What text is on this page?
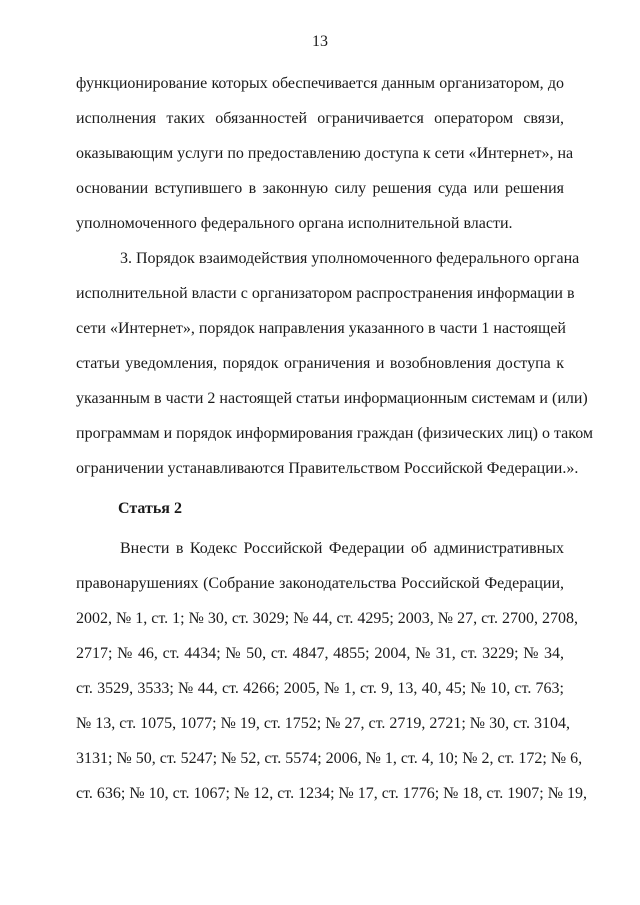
13
функционирование которых обеспечивается данным организатором, до
исполнения таких обязанностей ограничивается оператором связи,
оказывающим услуги по предоставлению доступа к сети «Интернет», на
основании вступившего в законную силу решения суда или решения
уполномоченного федерального органа исполнительной власти.
3. Порядок взаимодействия уполномоченного федерального органа
исполнительной власти с организатором распространения информации в
сети «Интернет», порядок направления указанного в части 1 настоящей
статьи уведомления, порядок ограничения и возобновления доступа к
указанным в части 2 настоящей статьи информационным системам и (или)
программам и порядок информирования граждан (физических лиц) о таком
ограничении устанавливаются Правительством Российской Федерации.».
Статья 2
Внести в Кодекс Российской Федерации об административных
правонарушениях (Собрание законодательства Российской Федерации,
2002, № 1, ст. 1; № 30, ст. 3029; № 44, ст. 4295; 2003, № 27, ст. 2700, 2708,
2717; № 46, ст. 4434; № 50, ст. 4847, 4855; 2004, № 31, ст. 3229; № 34,
ст. 3529, 3533; № 44, ст. 4266; 2005, № 1, ст. 9, 13, 40, 45; № 10, ст. 763;
№ 13, ст. 1075, 1077; № 19, ст. 1752; № 27, ст. 2719, 2721; № 30, ст. 3104,
3131; № 50, ст. 5247; № 52, ст. 5574; 2006, № 1, ст. 4, 10; № 2, ст. 172; № 6,
ст. 636; № 10, ст. 1067; № 12, ст. 1234; № 17, ст. 1776; № 18, ст. 1907; № 19,
